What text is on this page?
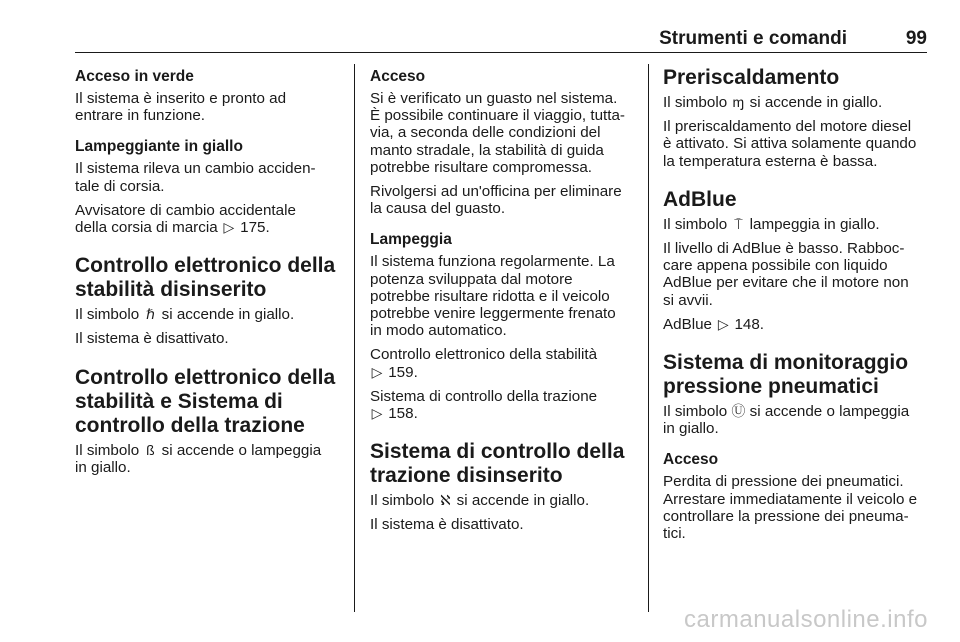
Strumenti e comandi	99
Acceso in verde

Il sistema è inserito e pronto ad
entrare in funzione.

Lampeggiante in giallo

Il sistema rileva un cambio acciden-
tale di corsia.

Avvisatore di cambio accidentale
della corsia di marcia ▷ 175.

Controllo elettronico della
stabilità disinserito

Il simbolo ℏ si accende in giallo.

Il sistema è disattivato.

Controllo elettronico della
stabilità e Sistema di
controllo della trazione

Il simbolo ß si accende o lampeggia
in giallo.

Acceso

Si è verificato un guasto nel sistema.
È possibile continuare il viaggio, tutta-
via, a seconda delle condizioni del
manto stradale, la stabilità di guida
potrebbe risultare compromessa.

Rivolgersi ad un'officina per eliminare
la causa del guasto.

Lampeggia

Il sistema funziona regolarmente. La
potenza sviluppata dal motore
potrebbe risultare ridotta e il veicolo
potrebbe venire leggermente frenato
in modo automatico.

Controllo elettronico della stabilità
▷ 159.

Sistema di controllo della trazione
▷ 158.

Sistema di controllo della
trazione disinserito

Il simbolo ℵ si accende in giallo.

Il sistema è disattivato.

Preriscaldamento

Il simbolo ɱ si accende in giallo.

Il preriscaldamento del motore diesel
è attivato. Si attiva solamente quando
la temperatura esterna è bassa.

AdBlue

Il simbolo ⍑ lampeggia in giallo.

Il livello di AdBlue è basso. Rabboc-
care appena possibile con liquido
AdBlue per evitare che il motore non
si avvii.

AdBlue ▷ 148.

Sistema di monitoraggio
pressione pneumatici

Il simbolo Ⓤ si accende o lampeggia
in giallo.

Acceso

Perdita di pressione dei pneumatici.
Arrestare immediatamente il veicolo e
controllare la pressione dei pneuma-
tici.

carmanualsonline.info
